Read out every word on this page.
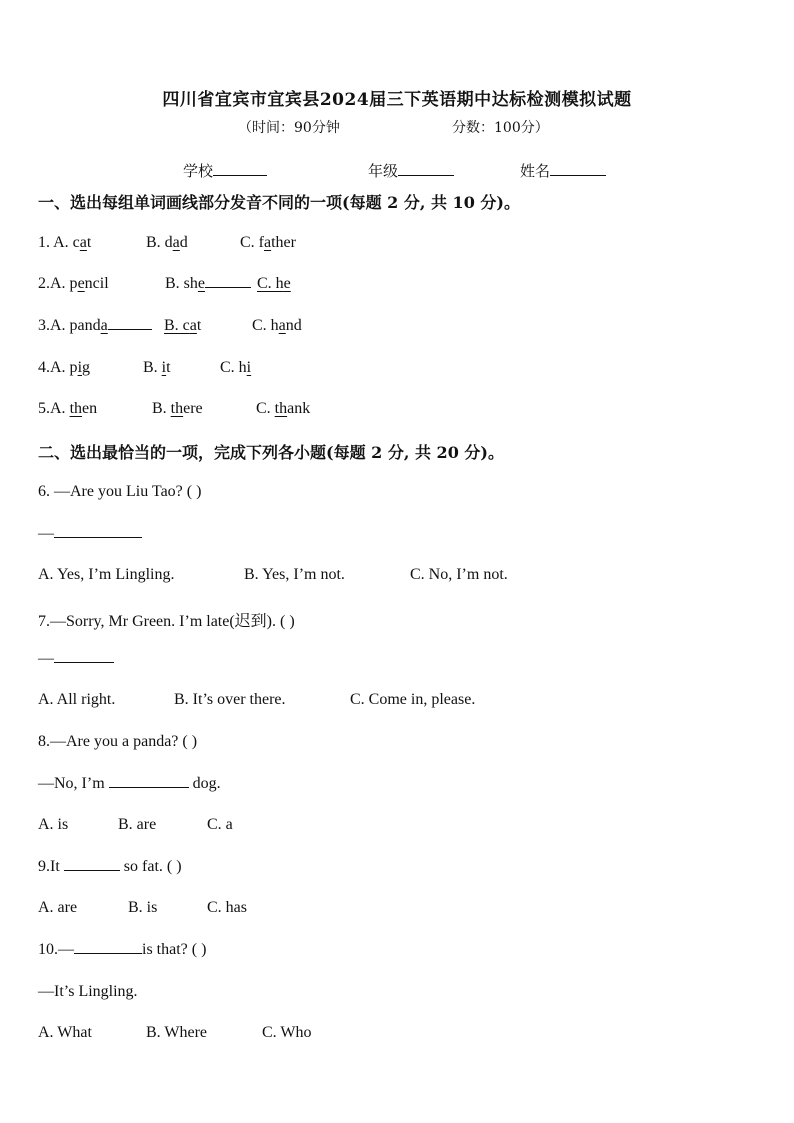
四川省宜宾市宜宾县2024届三下英语期中达标检测模拟试题
（时间：90分钟	分数：100分）
学校	年级	姓名
一、选出每组单词画线部分发音不同的一项(每题 2 分, 共 10 分)。
1. A. cat	B. dad	C. father
2.A. pencil	B. she	C. he
3.A. panda	B. cat	C. hand
4.A. pig	B. it	C. hi
5.A. then	B. there	C. thank
二、选出最恰当的一项，完成下列各小题(每题 2 分, 共 20 分)。
6. —Are you Liu Tao? ( )
—
A. Yes, I’m Lingling.	B. Yes, I’m not.	C. No, I’m not.
7.—Sorry, Mr Green. I’m late(迟到). ( )
—
A. All right.	B. It’s over there.	C. Come in, please.
8.—Are you a panda? ( )
—No, I’m	dog.
A. is	B. are	C. a
9.It	so fat. ( )
A. are	B. is	C. has
10.—	is that? ( )
—It’s Lingling.
A. What	B. Where	C. Who
